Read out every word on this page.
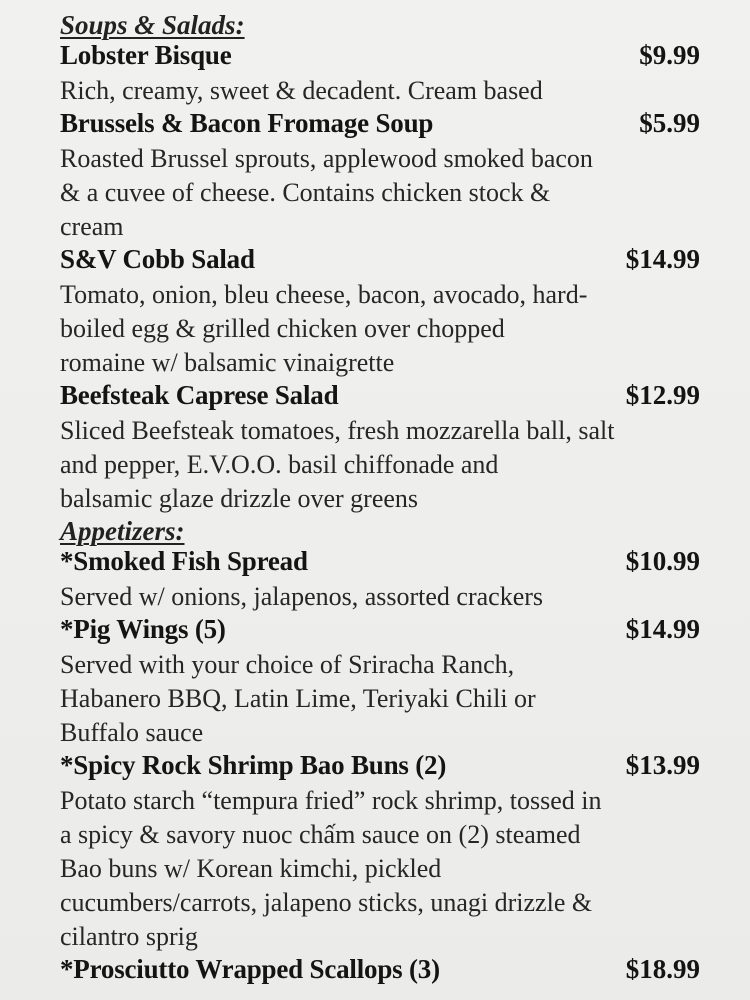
Soups & Salads:
Lobster Bisque	$9.99

Rich, creamy, sweet & decadent. Cream based

Brussels & Bacon Fromage Soup	$5.99

Roasted Brussel sprouts, applewood smoked bacon
& a cuvee of cheese. Contains chicken stock &
cream

S&V Cobb Salad	$14.99

Tomato, onion, bleu cheese, bacon, avocado, hard-
boiled egg & grilled chicken over chopped
romaine w/ balsamic vinaigrette

Beefsteak Caprese Salad	$12.99

Sliced Beefsteak tomatoes, fresh mozzarella ball, salt
and pepper, E.V.O.O. basil chiffonade and
balsamic glaze drizzle over greens

Appetizers:
*Smoked Fish Spread	$10.99

Served w/ onions, jalapenos, assorted crackers

*Pig Wings (5)	$14.99

Served with your choice of Sriracha Ranch,
Habanero BBQ, Latin Lime, Teriyaki Chili or
Buffalo sauce

*Spicy Rock Shrimp Bao Buns (2)	$13.99

Potato starch “tempura fried” rock shrimp, tossed in
a spicy & savory nuoc chấm sauce on (2) steamed
Bao buns w/ Korean kimchi, pickled
cucumbers/carrots, jalapeno sticks, unagi drizzle &
cilantro sprig

*Prosciutto Wrapped Scallops (3)	$18.99
